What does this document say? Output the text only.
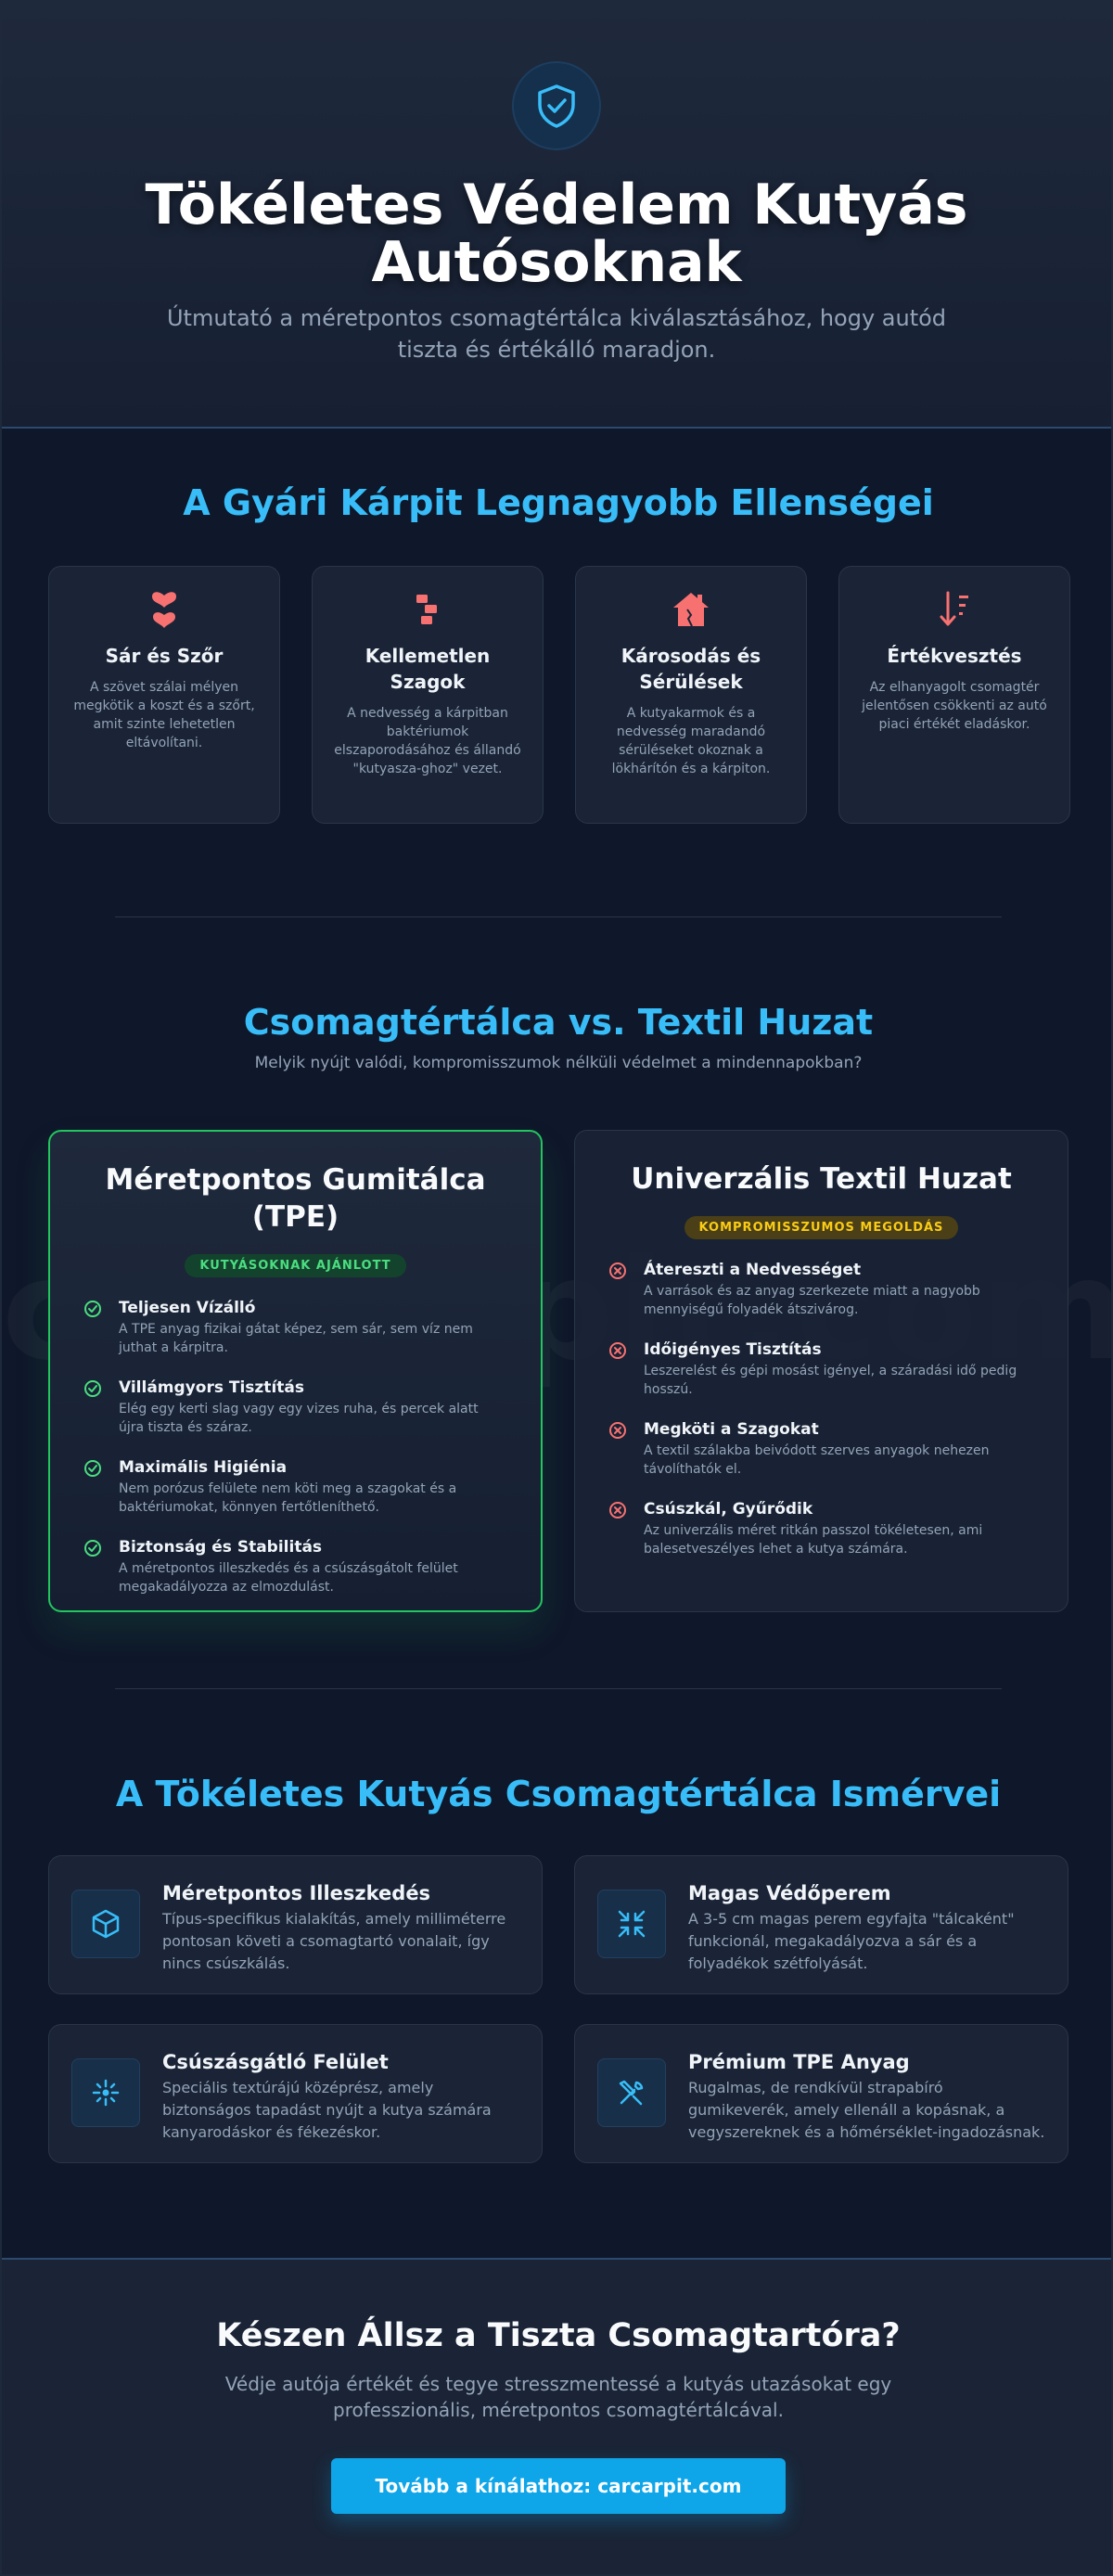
Tökéletes Védelem Kutyás Autósoknak

Útmutató a méretpontos csomagtértálca kiválasztásához, hogy autód tiszta és értékálló maradjon.

A Gyári Kárpit Legnagyobb Ellenségei
Sár és Szőr

A szövet szálai mélyen megkötik a koszt és a szőrt, amit szinte lehetetlen eltávolítani.

Kellemetlen Szagok

A nedvesség a kárpitban baktériumok elszaporodásához és állandó "kutyasza-ghoz" vezet.

Károsodás és Sérülések

A kutyakarmok és a nedvesség maradandó sérüléseket okoznak a lökhárítón és a kárpiton.

Értékvesztés

Az elhanyagolt csomagtér jelentősen csökkenti az autó piaci értékét eladáskor.

Csomagtértálca vs. Textil Huzat

Melyik nyújt valódi, kompromisszumok nélküli védelmet a mindennapokban?

Méretpontos Gumitálca (TPE)
KUTYÁSOKNAK AJÁNLOTT
Teljesen Vízálló

A TPE anyag fizikai gátat képez, sem sár, sem víz nem juthat a kárpitra.

Villámgyors Tisztítás

Elég egy kerti slag vagy egy vizes ruha, és percek alatt újra tiszta és száraz.

Maximális Higiénia

Nem porózus felülete nem köti meg a szagokat és a baktériumokat, könnyen fertőtleníthető.

Biztonság és Stabilitás

A méretpontos illeszkedés és a csúszásgátolt felület megakadályozza az elmozdulást.

Univerzális Textil Huzat
KOMPROMISSZUMOS MEGOLDÁS
Átereszti a Nedvességet

A varrások és az anyag szerkezete miatt a nagyobb mennyiségű folyadék átszivárog.

Időigényes Tisztítás

Leszerelést és gépi mosást igényel, a száradási idő pedig hosszú.

Megköti a Szagokat

A textil szálakba beivódott szerves anyagok nehezen távolíthatók el.

Csúszkál, Gyűrődik

Az univerzális méret ritkán passzol tökéletesen, ami balesetveszélyes lehet a kutya számára.

A Tökéletes Kutyás Csomagtértálca Ismérvei
Méretpontos Illeszkedés

Típus-specifikus kialakítás, amely milliméterre pontosan követi a csomagtartó vonalait, így nincs csúszkálás.

Magas Védőperem

A 3-5 cm magas perem egyfajta "tálcaként" funkcionál, megakadályozva a sár és a folyadékok szétfolyását.

Csúszásgátló Felület

Speciális textúrájú középrész, amely biztonságos tapadást nyújt a kutya számára kanyarodáskor és fékezéskor.

Prémium TPE Anyag

Rugalmas, de rendkívül strapabíró gumikeverék, amely ellenáll a kopásnak, a vegyszereknek és a hőmérséklet-ingadozásnak.

Készen Állsz a Tiszta Csomagtartóra?

Védje autója értékét és tegye stresszmentessé a kutyás utazásokat egy professzionális, méretpontos csomagtértálcával.

Tovább a kínálathoz: carcarpit.com
